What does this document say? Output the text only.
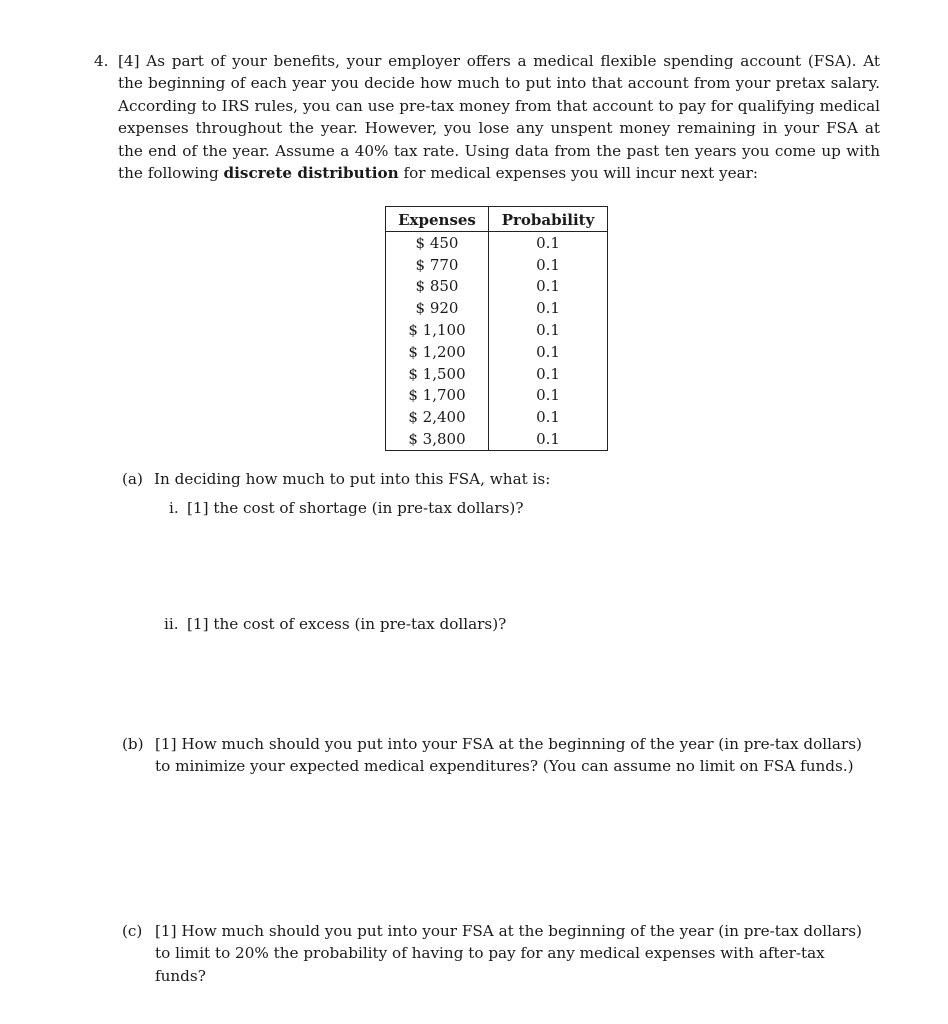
4. [4] As part of your benefits, your employer offers a medical flexible spending account (FSA). At the beginning of each year you decide how much to put into that account from your pretax salary. According to IRS rules, you can use pre-tax money from that account to pay for qualifying medical expenses throughout the year. However, you lose any unspent money remaining in your FSA at the end of the year. Assume a 40% tax rate. Using data from the past ten years you come up with the following discrete distribution for medical expenses you will incur next year:
Expenses	Probability
$ 450	0.1
$ 770	0.1
$ 850	0.1
$ 920	0.1
$ 1,100	0.1
$ 1,200	0.1
$ 1,500	0.1
$ 1,700	0.1
$ 2,400	0.1
$ 3,800	0.1
(a) In deciding how much to put into this FSA, what is:
i. [1] the cost of shortage (in pre-tax dollars)?
ii. [1] the cost of excess (in pre-tax dollars)?
(b) [1] How much should you put into your FSA at the beginning of the year (in pre-tax dollars) to minimize your expected medical expenditures? (You can assume no limit on FSA funds.)
(c) [1] How much should you put into your FSA at the beginning of the year (in pre-tax dollars) to limit to 20% the probability of having to pay for any medical expenses with after-tax funds?
